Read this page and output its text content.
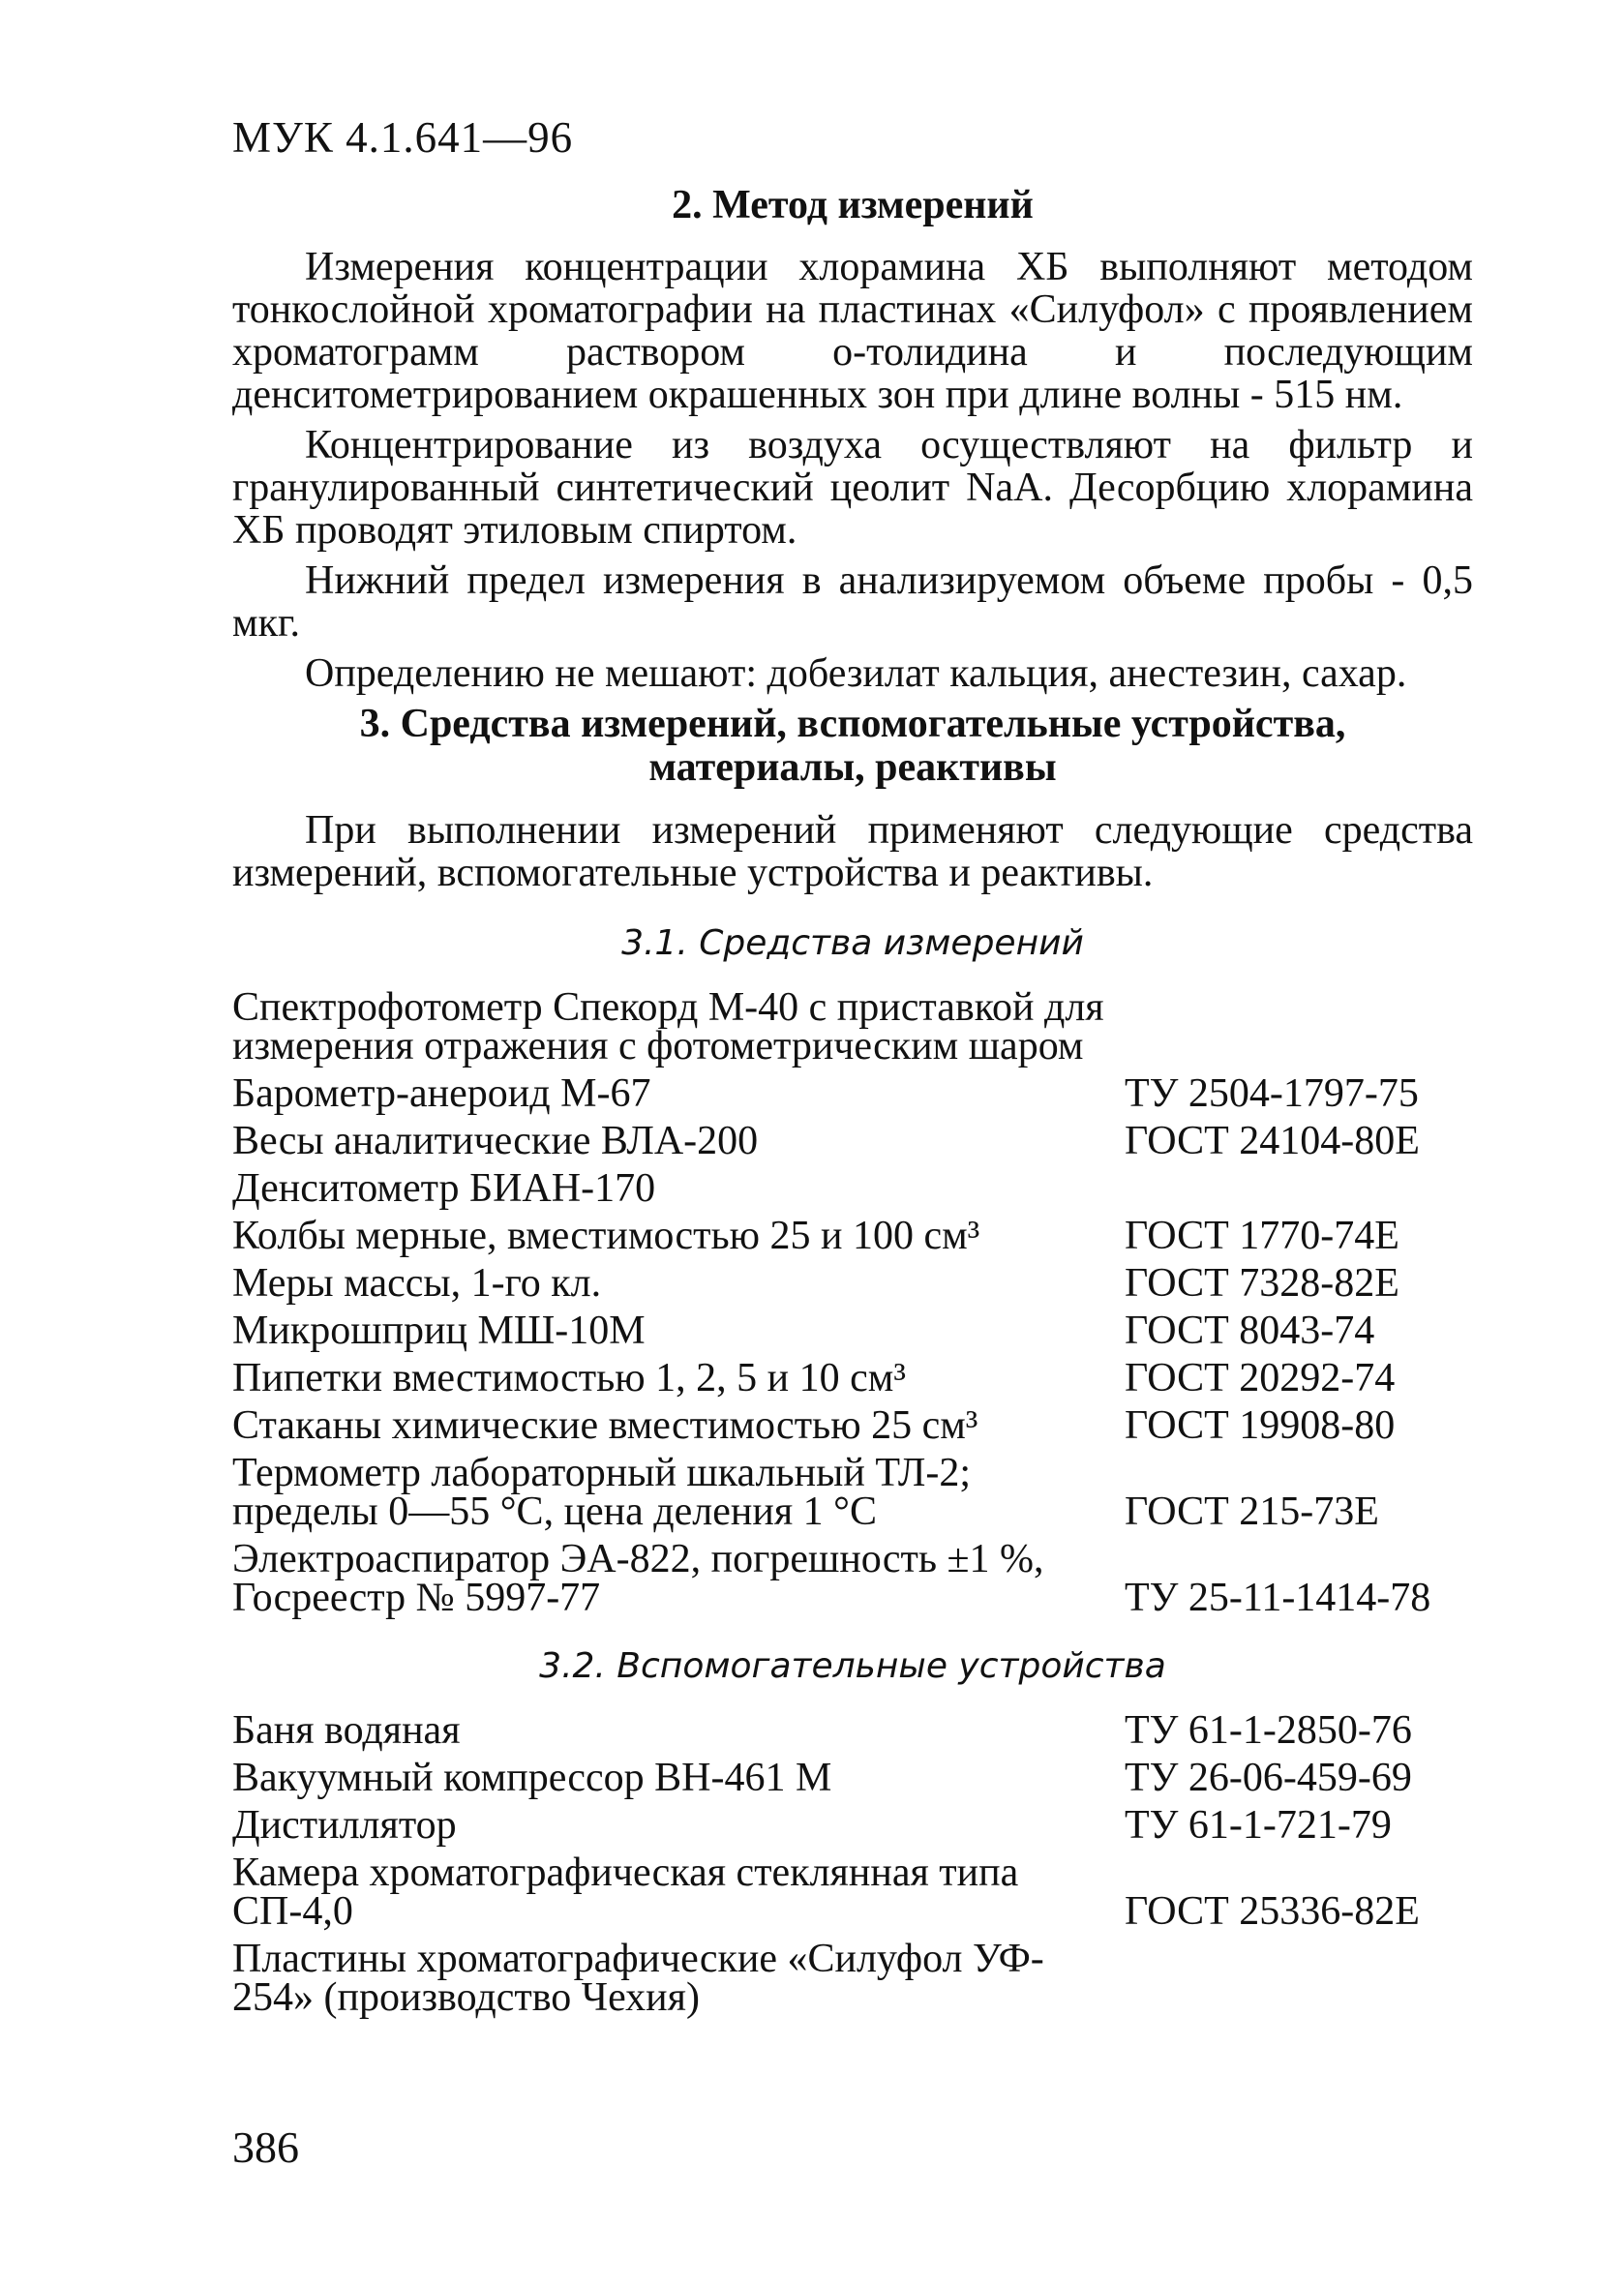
МУК 4.1.641—96
2. Метод измерений

Измерения концентрации хлорамина ХБ выполняют методом тонкослойной хроматографии на пластинах «Силуфол» с проявлением хроматограмм раствором о-толидина и последующим денситометрированием окрашенных зон при длине волны - 515 нм.

Концентрирование из воздуха осуществляют на фильтр и гранулированный синтетический цеолит NaA. Десорбцию хлорамина ХБ проводят этиловым спиртом.

Нижний предел измерения в анализируемом объеме пробы - 0,5 мкг.

Определению не мешают: добезилат кальция, анестезин, сахар.

3. Средства измерений, вспомогательные устройства,
материалы, реактивы

При выполнении измерений применяют следующие средства измерений, вспомогательные устройства и реактивы.

3.1. Средства измерений
Спектрофотометр Спекорд М-40 с приставкой для
измерения отражения с фотометрическим шаром
Барометр-анероид М-67	ТУ 2504-1797-75
Весы аналитические ВЛА-200	ГОСТ 24104-80Е
Денситометр БИАН-170
Колбы мерные, вместимостью 25 и 100 см³	ГОСТ 1770-74Е
Меры массы, 1-го кл.	ГОСТ 7328-82Е
Микрошприц МШ-10М	ГОСТ 8043-74
Пипетки вместимостью 1, 2, 5 и 10 см³	ГОСТ 20292-74
Стаканы химические вместимостью 25 см³	ГОСТ 19908-80
Термометр лабораторный шкальный ТЛ-2;
пределы 0—55 °С, цена деления 1 °С	ГОСТ 215-73Е
Электроаспиратор ЭА-822, погрешность ±1 %,
Госреестр № 5997-77	ТУ 25-11-1414-78
3.2. Вспомогательные устройства
Баня водяная	ТУ 61-1-2850-76
Вакуумный компрессор ВН-461 М	ТУ 26-06-459-69
Дистиллятор	ТУ 61-1-721-79
Камера хроматографическая стеклянная типа
СП-4,0	ГОСТ 25336-82Е
Пластины хроматографические «Силуфол УФ-
254» (производство Чехия)
386
